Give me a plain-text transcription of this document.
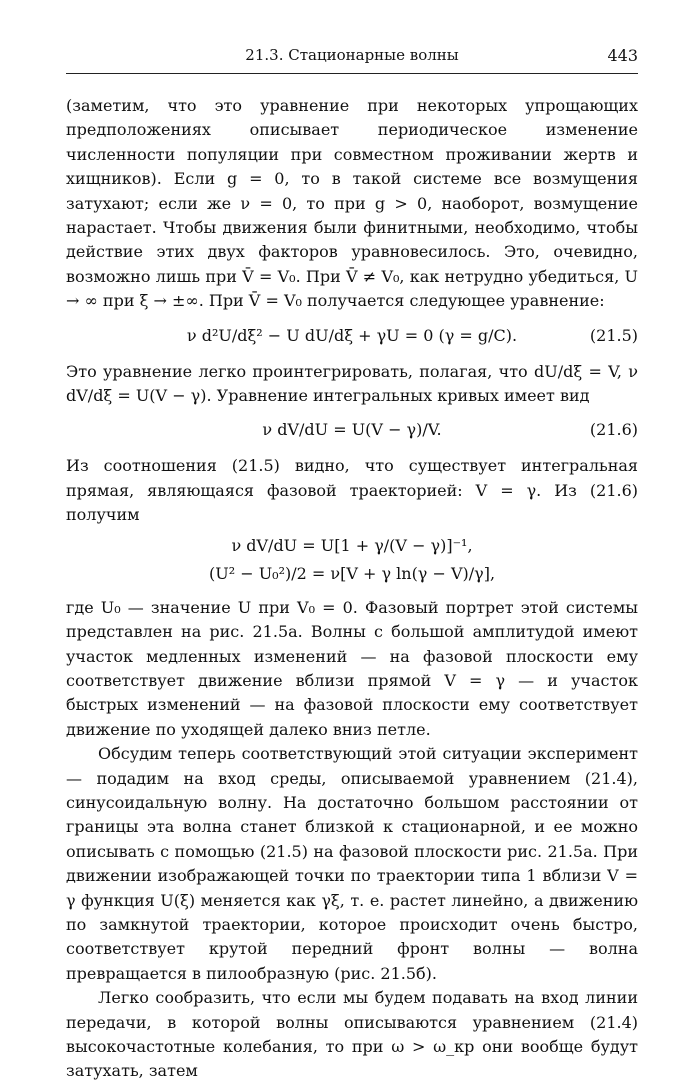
21.3. Стационарные волны	443

(заметим, что это уравнение при некоторых упрощающих предположениях описывает периодическое изменение численности популяции при совместном проживании жертв и хищников). Если g = 0, то в такой системе все возмущения затухают; если же ν = 0, то при g > 0, наоборот, возмущение нарастает. Чтобы движения были финитными, необходимо, чтобы действие этих двух факторов уравновесилось. Это, очевидно, возможно лишь при V̄ = V₀. При V̄ ≠ V₀, как нетрудно убедиться, U → ∞ при ξ → ±∞. При V̄ = V₀ получается следующее уравнение:

ν d²U/dξ² − U dU/dξ + γU = 0 (γ = g/C).	(21.5)

Это уравнение легко проинтегрировать, полагая, что dU/dξ = V, ν dV/dξ = U(V − γ). Уравнение интегральных кривых имеет вид

ν dV/dU = U(V − γ)/V.	(21.6)

Из соотношения (21.5) видно, что существует интегральная прямая, являющаяся фазовой траекторией: V = γ. Из (21.6) получим

ν dV/dU = U[1 + γ/(V − γ)]⁻¹,
(U² − U₀²)/2 = ν[V + γ ln(γ − V)/γ],

где U₀ — значение U при V₀ = 0. Фазовый портрет этой системы представлен на рис. 21.5а. Волны с большой амплитудой имеют участок медленных изменений — на фазовой плоскости ему соответствует движение вблизи прямой V = γ — и участок быстрых изменений — на фазовой плоскости ему соответствует движение по уходящей далеко вниз петле.

Обсудим теперь соответствующий этой ситуации эксперимент — подадим на вход среды, описываемой уравнением (21.4), синусоидальную волну. На достаточно большом расстоянии от границы эта волна станет близкой к стационарной, и ее можно описывать с помощью (21.5) на фазовой плоскости рис. 21.5а. При движении изображающей точки по траектории типа 1 вблизи V = γ функция U(ξ) меняется как γξ, т. е. растет линейно, а движению по замкнутой траектории, которое происходит очень быстро, соответствует крутой передний фронт волны — волна превращается в пилообразную (рис. 21.5б).

Легко сообразить, что если мы будем подавать на вход линии передачи, в которой волны описываются уравнением (21.4) высокочастотные колебания, то при ω > ω_кр они вообще будут затухать, затем
